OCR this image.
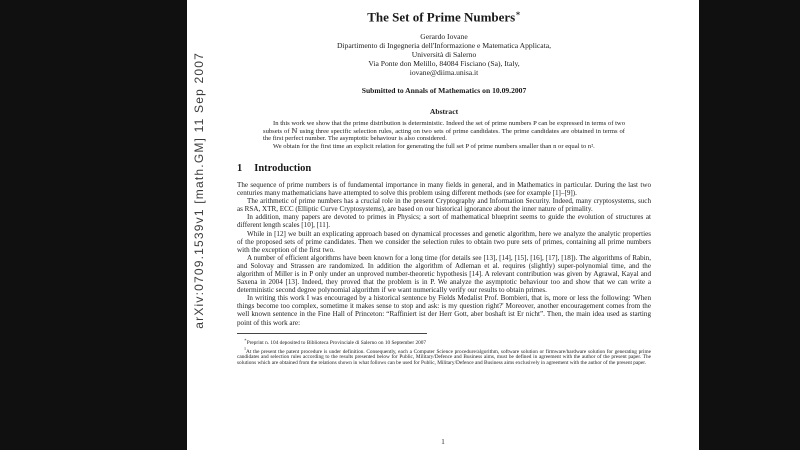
arXiv:0709.1539v1 [math.GM] 11 Sep 2007
The Set of Prime Numbers∗
Gerardo Iovane
Dipartimento di Ingegneria dell'Informazione e Matematica Applicata,
Università di Salerno
Via Ponte don Melillo, 84084 Fisciano (Sa), Italy,
iovane@diima.unisa.it
Submitted to Annals of Mathematics on 10.09.2007
Abstract

In this work we show that the prime distribution is deterministic. Indeed the set of prime numbers P can be expressed in terms of two subsets of ℕ using three specific selection rules, acting on two sets of prime candidates. The prime candidates are obtained in terms of the first perfect number. The asymptotic behaviour is also considered.

We obtain for the first time an explicit relation for generating the full set P of prime numbers smaller than n or equal to n².

1 Introduction

The sequence of prime numbers is of fundamental importance in many fields in general, and in Mathematics in particular. During the last two centuries many mathematicians have attempted to solve this problem using different methods (see for example [1]–[9]).

The arithmetic of prime numbers has a crucial role in the present Cryptography and Information Security. Indeed, many cryptosystems, such as RSA, XTR, ECC (Elliptic Curve Cryptosystems), are based on our historical ignorance about the inner nature of primality.

In addition, many papers are devoted to primes in Physics; a sort of mathematical blueprint seems to guide the evolution of structures at different length scales [10], [11].

While in [12] we built an explicating approach based on dynamical processes and genetic algorithm, here we analyze the analytic properties of the proposed sets of prime candidates. Then we consider the selection rules to obtain two pure sets of primes, containing all prime numbers with the exception of the first two.

A number of efficient algorithms have been known for a long time (for details see [13], [14], [15], [16], [17], [18]). The algorithms of Rabin, and Solovay and Strassen are randomized. In addition the algorithm of Adleman et al. requires (slightly) super-polynomial time, and the algorithm of Miller is in P only under an unproved number-theoretic hypothesis [14]. A relevant contribution was given by Agrawal, Kayal and Saxena in 2004 [13]. Indeed, they proved that the problem is in P. We analyze the asymptotic behaviour too and show that we can write a deterministic second degree polynomial algorithm if we want numerically verify our results to obtain primes.

In writing this work I was encouraged by a historical sentence by Fields Medalist Prof. Bombieri, that is, more or less the following: 'When things become too complex, sometime it makes sense to stop and ask: is my question right?' Moreover, another encouragement comes from the well known sentence in the Fine Hall of Princeton: “Raffiniert ist der Herr Gott, aber boshaft ist Er nicht”. Then, the main idea used as starting point of this work are:

∗Preprint n. 104 deposited to Biblioteca Provinciale di Salerno on 10 September 2007

$^1$At the present the patent procedure is under definition. Consequently, each a Computer Science procedure/algorithm, software solution or firmware/hardware solution for generating prime candidates and selection rules according to the results presented below for Public, Military/Defence and Business aims, must be defined in agreement with the author of the present paper. The solutions which are obtained from the relations shown in what follows can be used for Public, Military/Defence and Business aims exclusively in agreement with the author of the present paper.

1
